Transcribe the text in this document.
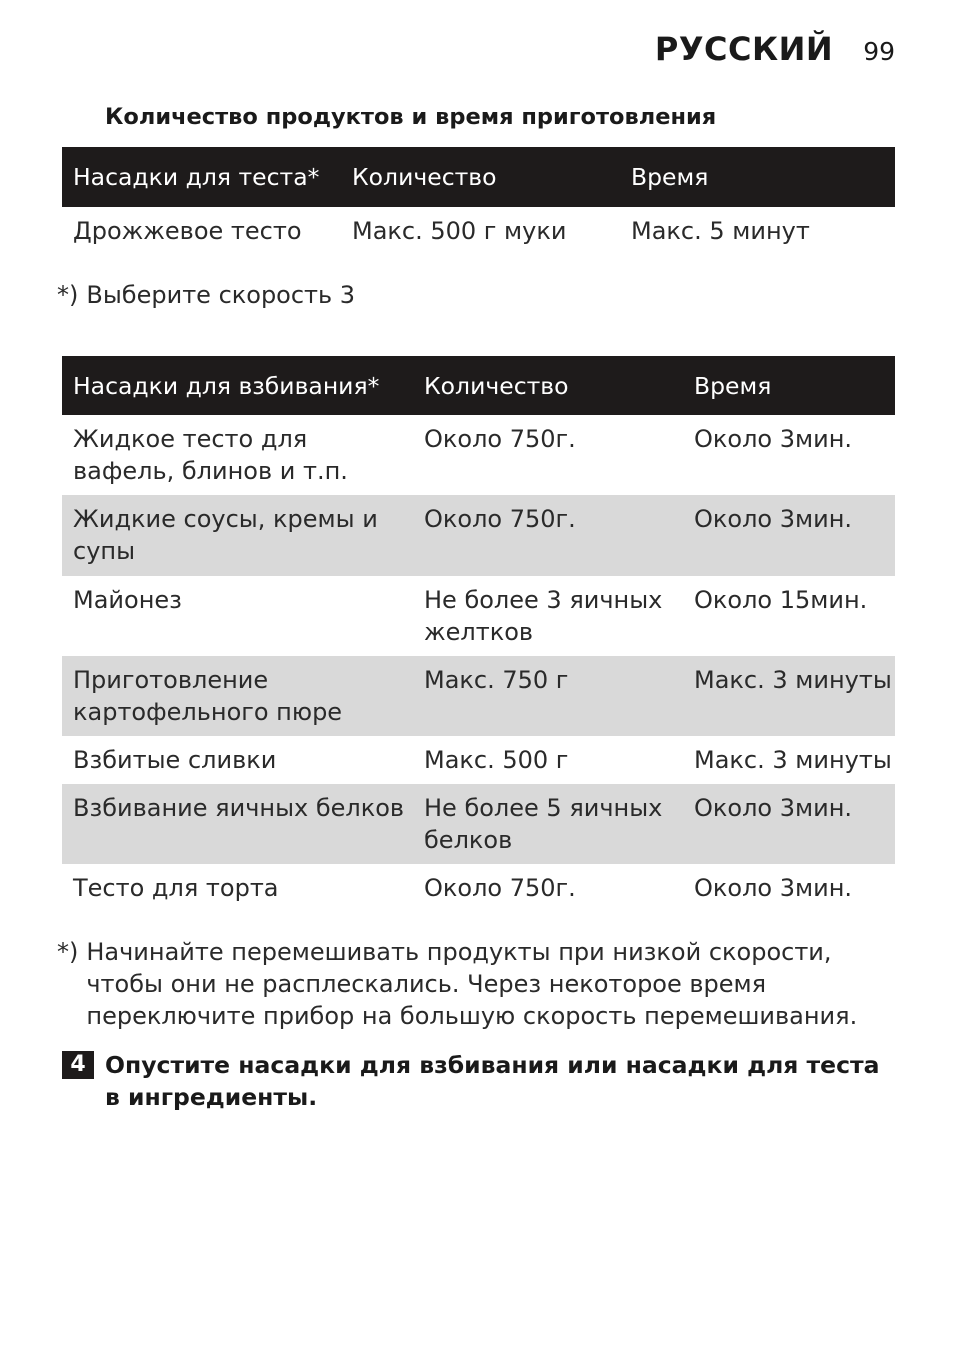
РУССКИЙ 99
Количество продуктов и время приготовления
Насадки для теста*	Количество	Время
Дрожжевое тесто	Макс. 500 г муки	Макс. 5 минут
*) Выберите скорость 3
Насадки для взбивания*	Количество	Время
Жидкое тесто для вафель, блинов и т.п.	Около 750г.	Около 3мин.
Жидкие соусы, кремы и супы	Около 750г.	Около 3мин.
Майонез	Не более 3 яичных желтков	Около 15мин.
Приготовление картофельного пюре	Макс. 750 г	Макс. 3 минуты
Взбитые сливки	Макс. 500 г	Макс. 3 минуты
Взбивание яичных белков	Не более 5 яичных белков	Около 3мин.
Тесто для торта	Около 750г.	Около 3мин.
*) Начинайте перемешивать продукты при низкой скорости, чтобы они не расплескались. Через некоторое время переключите прибор на большую скорость перемешивания.
4 Опустите насадки для взбивания или насадки для теста в ингредиенты.
